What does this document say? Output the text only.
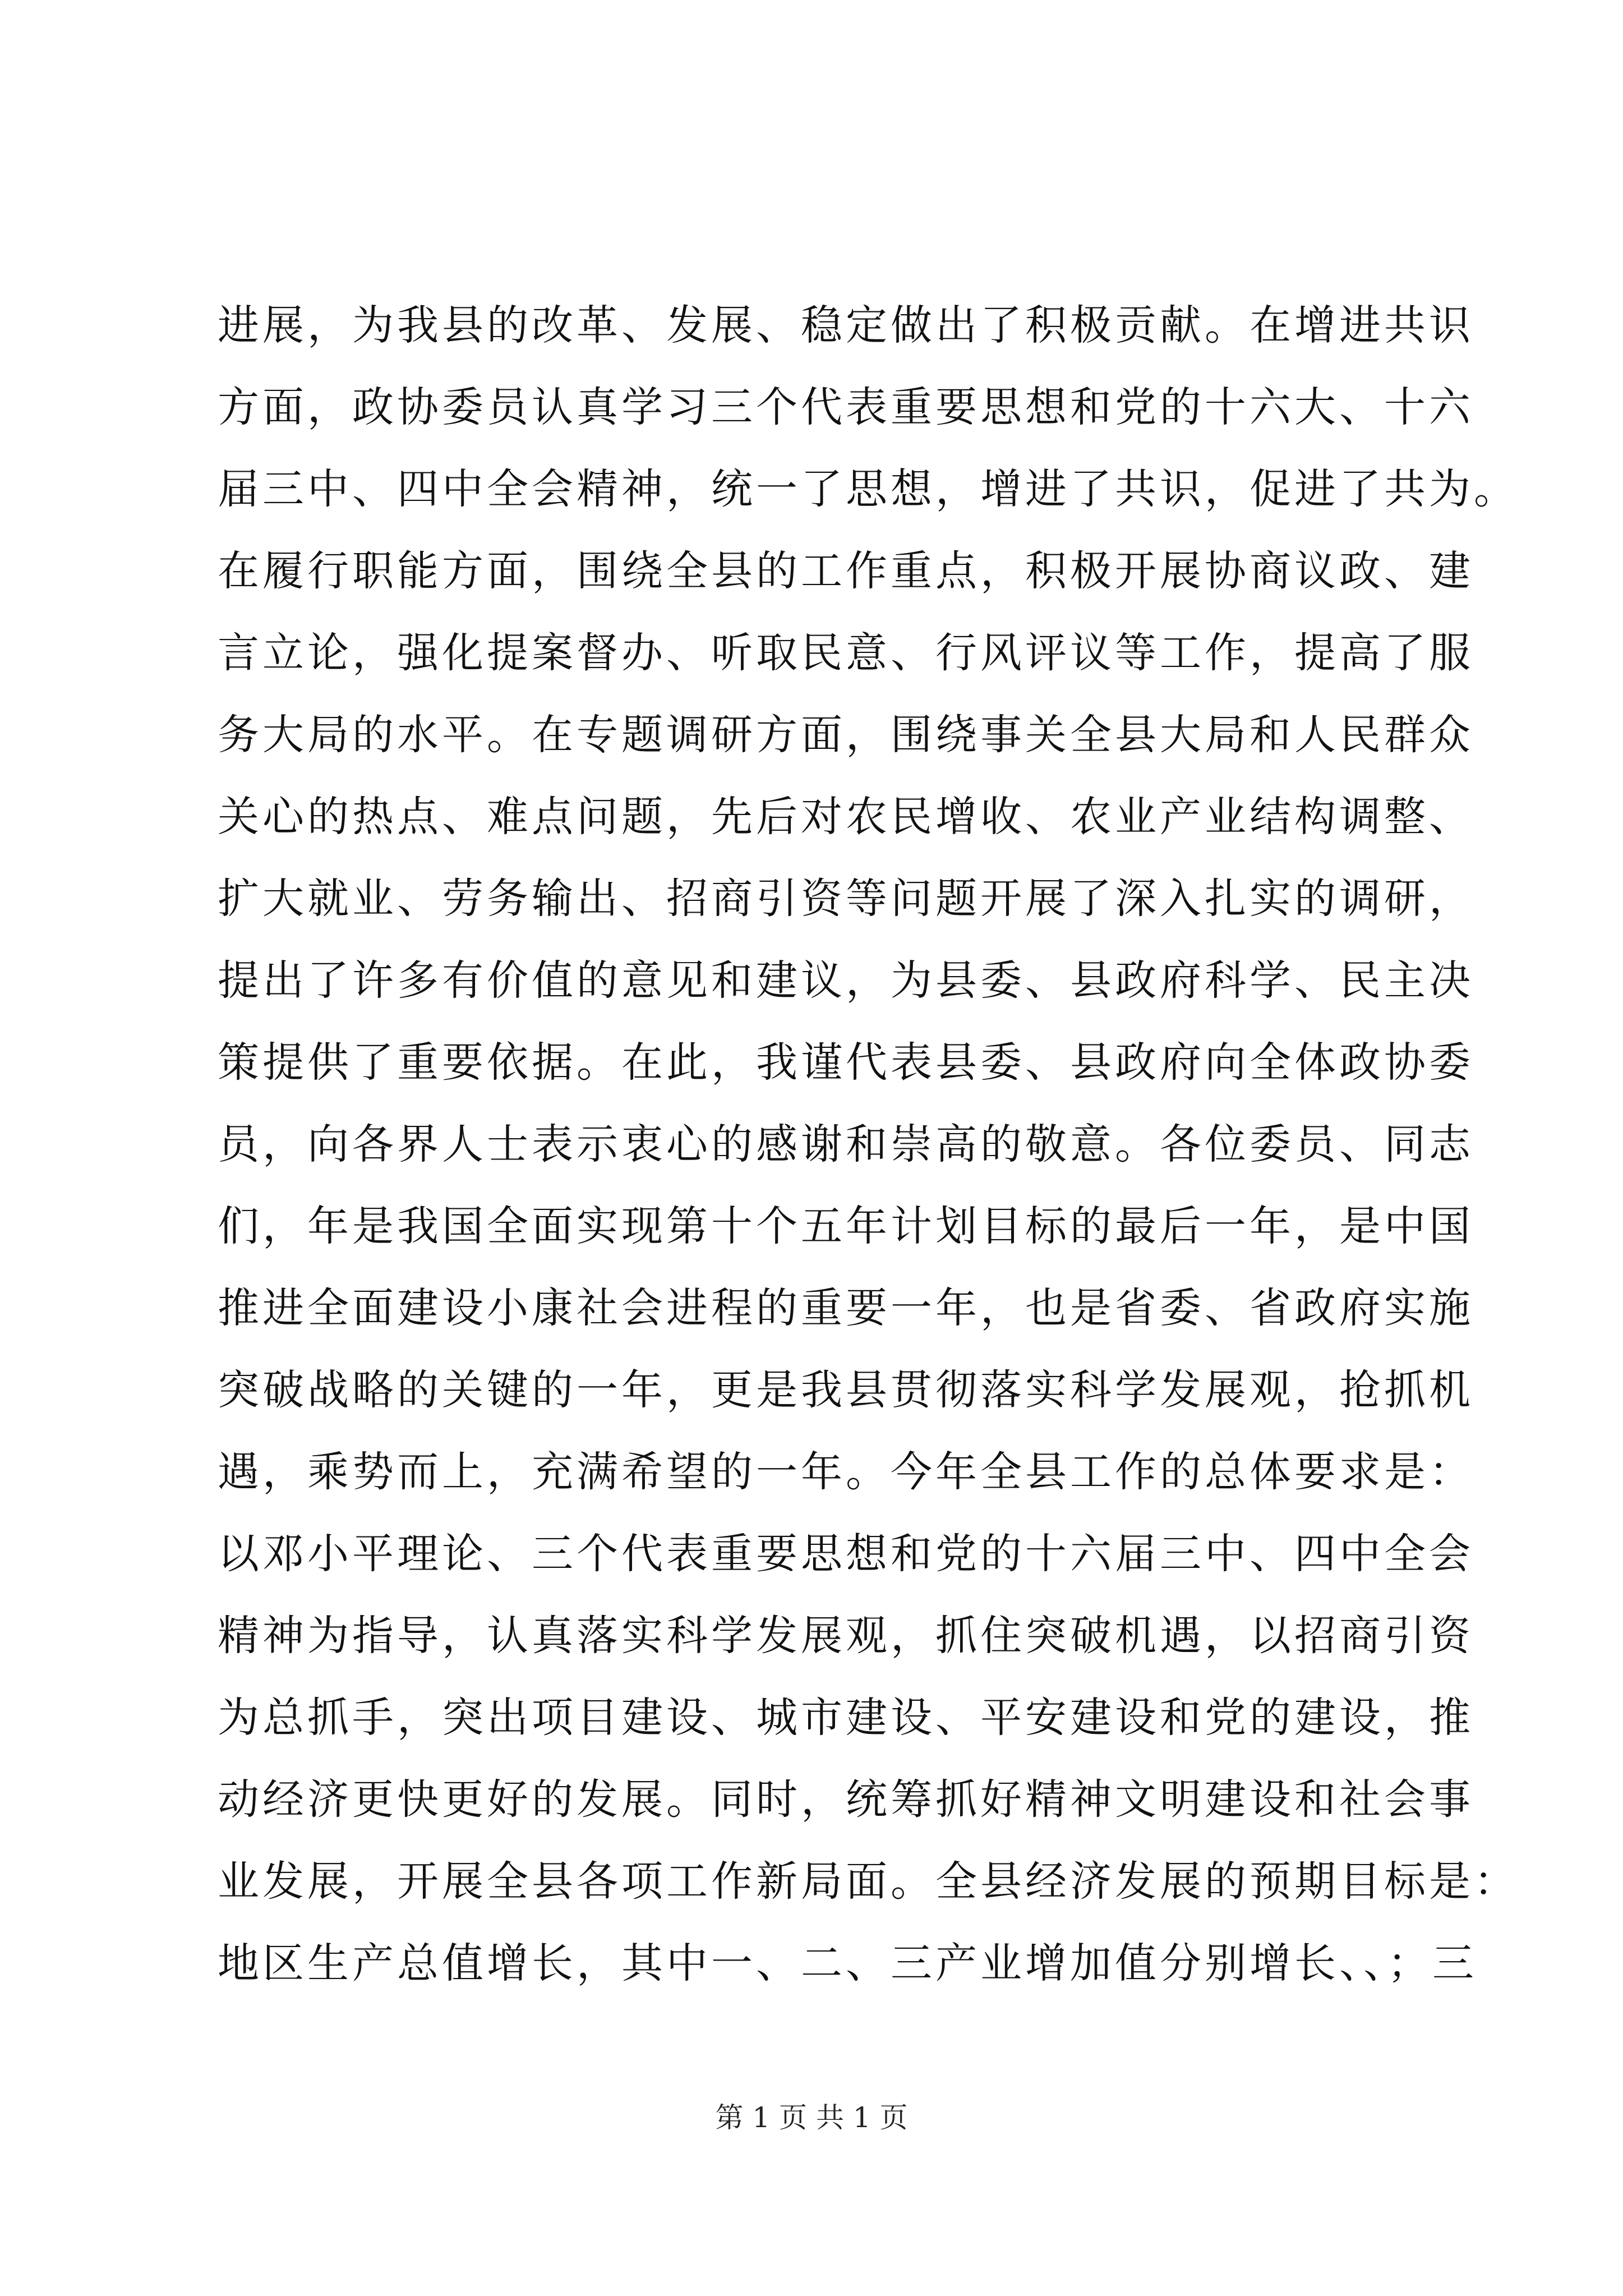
进展，为我县的改革、发展、稳定做出了积极贡献。在增进共识
方面，政协委员认真学习三个代表重要思想和党的十六大、十六
届三中、四中全会精神，统一了思想，增进了共识，促进了共为。
在履行职能方面，围绕全县的工作重点，积极开展协商议政、建
言立论，强化提案督办、听取民意、行风评议等工作，提高了服
务大局的水平。在专题调研方面，围绕事关全县大局和人民群众
关心的热点、难点问题，先后对农民增收、农业产业结构调整、
扩大就业、劳务输出、招商引资等问题开展了深入扎实的调研，
提出了许多有价值的意见和建议，为县委、县政府科学、民主决
策提供了重要依据。在此，我谨代表县委、县政府向全体政协委
员，向各界人士表示衷心的感谢和崇高的敬意。各位委员、同志
们，年是我国全面实现第十个五年计划目标的最后一年，是中国
推进全面建设小康社会进程的重要一年，也是省委、省政府实施
突破战略的关键的一年，更是我县贯彻落实科学发展观，抢抓机
遇，乘势而上，充满希望的一年。今年全县工作的总体要求是：
以邓小平理论、三个代表重要思想和党的十六届三中、四中全会
精神为指导，认真落实科学发展观，抓住突破机遇，以招商引资
为总抓手，突出项目建设、城市建设、平安建设和党的建设，推
动经济更快更好的发展。同时，统筹抓好精神文明建设和社会事
业发展，开展全县各项工作新局面。全县经济发展的预期目标是：
地区生产总值增长，其中一、二、三产业增加值分别增长、、；三
第 1 页 共 1 页
